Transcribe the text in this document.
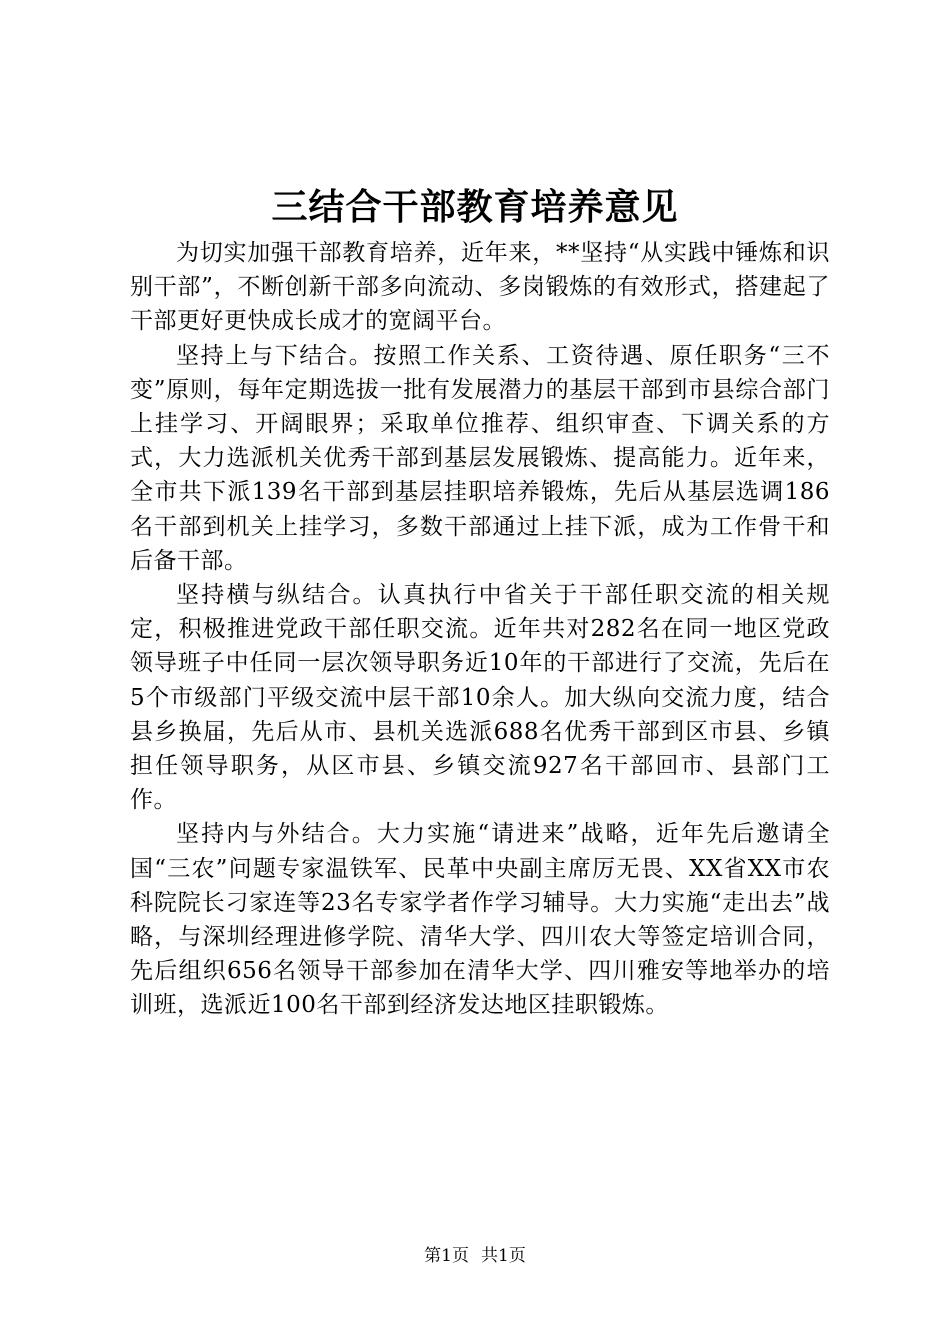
三结合干部教育培养意见

为切实加强干部教育培养，近年来，**坚持“从实践中锤炼和识别干部”，不断创新干部多向流动、多岗锻炼的有效形式，搭建起了干部更好更快成长成才的宽阔平台。

坚持上与下结合。按照工作关系、工资待遇、原任职务“三不变”原则，每年定期选拔一批有发展潜力的基层干部到市县综合部门上挂学习、开阔眼界；采取单位推荐、组织审查、下调关系的方式，大力选派机关优秀干部到基层发展锻炼、提高能力。近年来，全市共下派139名干部到基层挂职培养锻炼，先后从基层选调186名干部到机关上挂学习，多数干部通过上挂下派，成为工作骨干和后备干部。

坚持横与纵结合。认真执行中省关于干部任职交流的相关规定，积极推进党政干部任职交流。近年共对282名在同一地区党政领导班子中任同一层次领导职务近10年的干部进行了交流，先后在5个市级部门平级交流中层干部10余人。加大纵向交流力度，结合县乡换届，先后从市、县机关选派688名优秀干部到区市县、乡镇担任领导职务，从区市县、乡镇交流927名干部回市、县部门工作。

坚持内与外结合。大力实施“请进来”战略，近年先后邀请全国“三农”问题专家温铁军、民革中央副主席厉无畏、XX省XX市农科院院长刁家连等23名专家学者作学习辅导。大力实施“走出去”战略，与深圳经理进修学院、清华大学、四川农大等签定培训合同，先后组织656名领导干部参加在清华大学、四川雅安等地举办的培训班，选派近100名干部到经济发达地区挂职锻炼。

第1页 共1页
